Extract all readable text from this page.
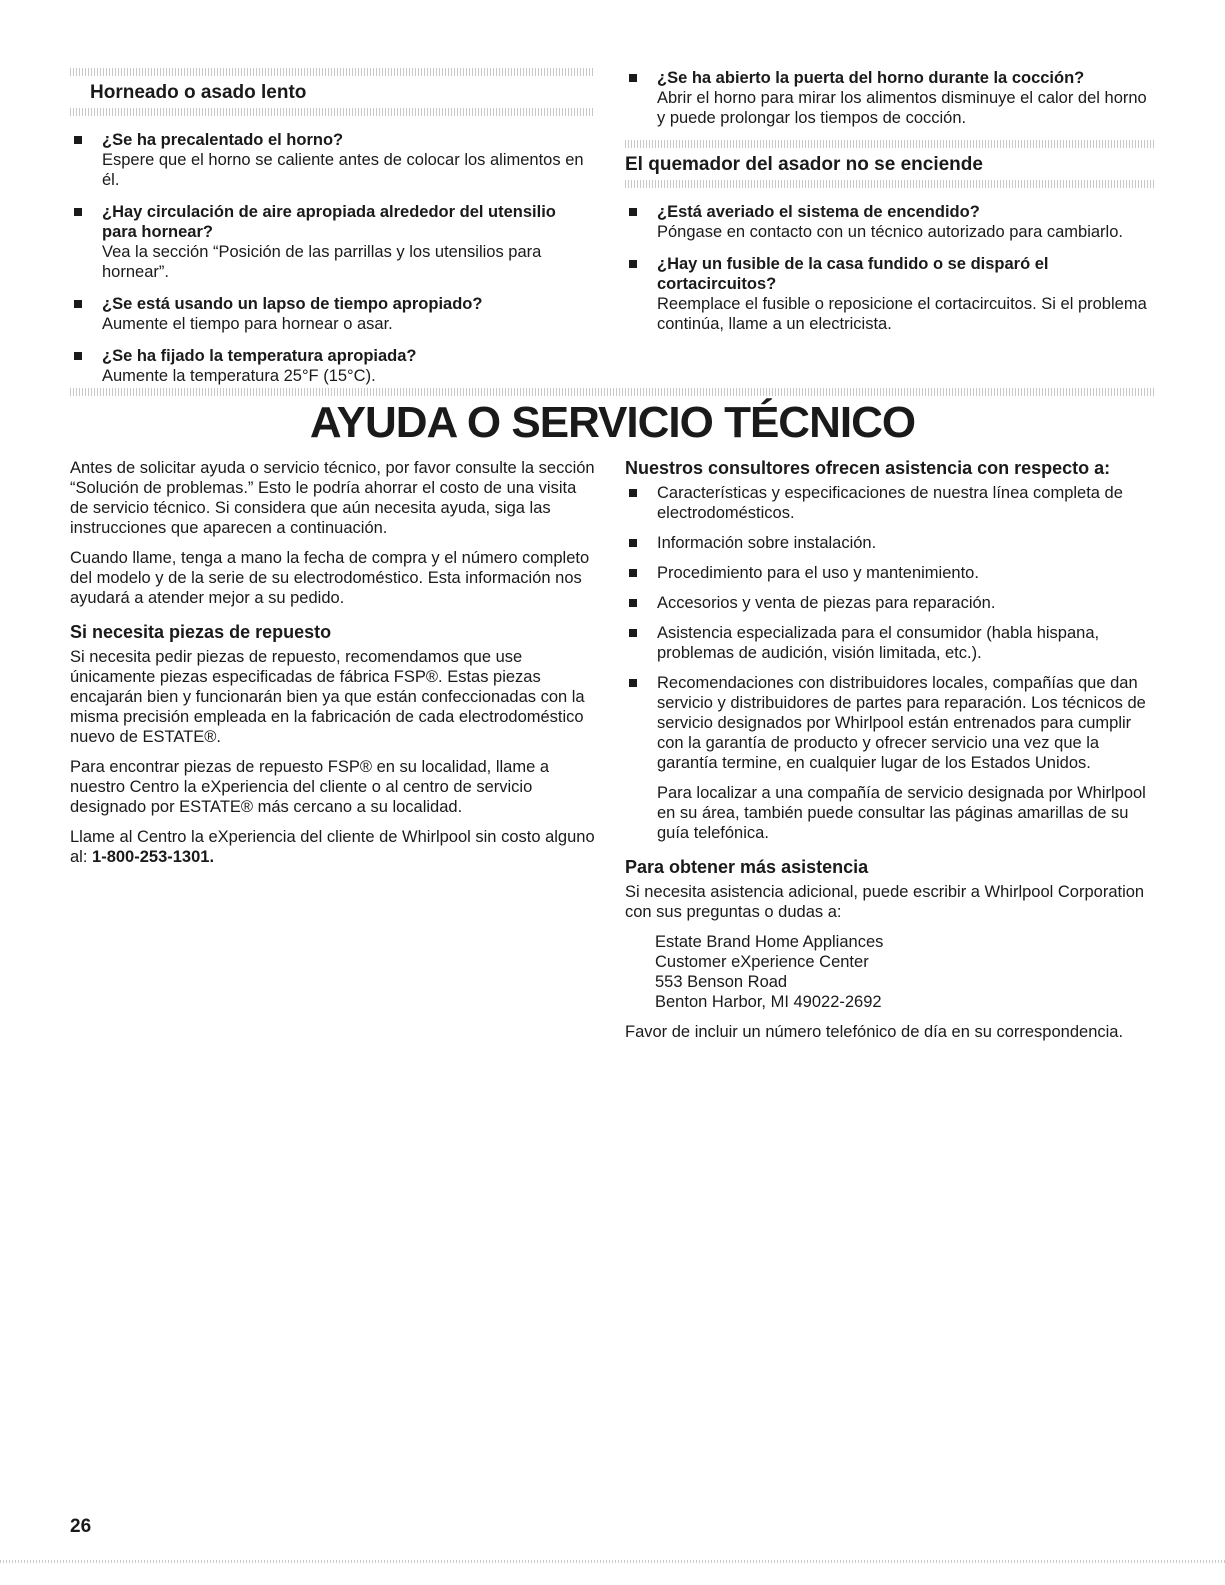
Horneado o asado lento
¿Se ha precalentado el horno?
Espere que el horno se caliente antes de colocar los alimentos en él.
¿Hay circulación de aire apropiada alrededor del utensilio para hornear?
Vea la sección “Posición de las parrillas y los utensilios para hornear”.
¿Se está usando un lapso de tiempo apropiado?
Aumente el tiempo para hornear o asar.
¿Se ha fijado la temperatura apropiada?
Aumente la temperatura 25°F (15°C).
¿Se ha abierto la puerta del horno durante la cocción?
Abrir el horno para mirar los alimentos disminuye el calor del horno y puede prolongar los tiempos de cocción.
El quemador del asador no se enciende
¿Está averiado el sistema de encendido?
Póngase en contacto con un técnico autorizado para cambiarlo.
¿Hay un fusible de la casa fundido o se disparó el cortacircuitos?
Reemplace el fusible o reposicione el cortacircuitos. Si el problema continúa, llame a un electricista.
AYUDA O SERVICIO TÉCNICO

Antes de solicitar ayuda o servicio técnico, por favor consulte la sección “Solución de problemas.” Esto le podría ahorrar el costo de una visita de servicio técnico. Si considera que aún necesita ayuda, siga las instrucciones que aparecen a continuación.

Cuando llame, tenga a mano la fecha de compra y el número completo del modelo y de la serie de su electrodoméstico. Esta información nos ayudará a atender mejor a su pedido.

Si necesita piezas de repuesto

Si necesita pedir piezas de repuesto, recomendamos que use únicamente piezas especificadas de fábrica FSP®. Estas piezas encajarán bien y funcionarán bien ya que están confeccionadas con la misma precisión empleada en la fabricación de cada electrodoméstico nuevo de ESTATE®.

Para encontrar piezas de repuesto FSP® en su localidad, llame a nuestro Centro la eXperiencia del cliente o al centro de servicio designado por ESTATE® más cercano a su localidad.

Llame al Centro la eXperiencia del cliente de Whirlpool sin costo alguno al: 1-800-253-1301.

Nuestros consultores ofrecen asistencia con respecto a:
Características y especificaciones de nuestra línea completa de electrodomésticos.
Información sobre instalación.
Procedimiento para el uso y mantenimiento.
Accesorios y venta de piezas para reparación.
Asistencia especializada para el consumidor (habla hispana, problemas de audición, visión limitada, etc.).
Recomendaciones con distribuidores locales, compañías que dan servicio y distribuidores de partes para reparación. Los técnicos de servicio designados por Whirlpool están entrenados para cumplir con la garantía de producto y ofrecer servicio una vez que la garantía termine, en cualquier lugar de los Estados Unidos.

Para localizar a una compañía de servicio designada por Whirlpool en su área, también puede consultar las páginas amarillas de su guía telefónica.

Para obtener más asistencia

Si necesita asistencia adicional, puede escribir a Whirlpool Corporation con sus preguntas o dudas a:

Estate Brand Home Appliances
Customer eXperience Center
553 Benson Road
Benton Harbor, MI 49022-2692

Favor de incluir un número telefónico de día en su correspondencia.

26
